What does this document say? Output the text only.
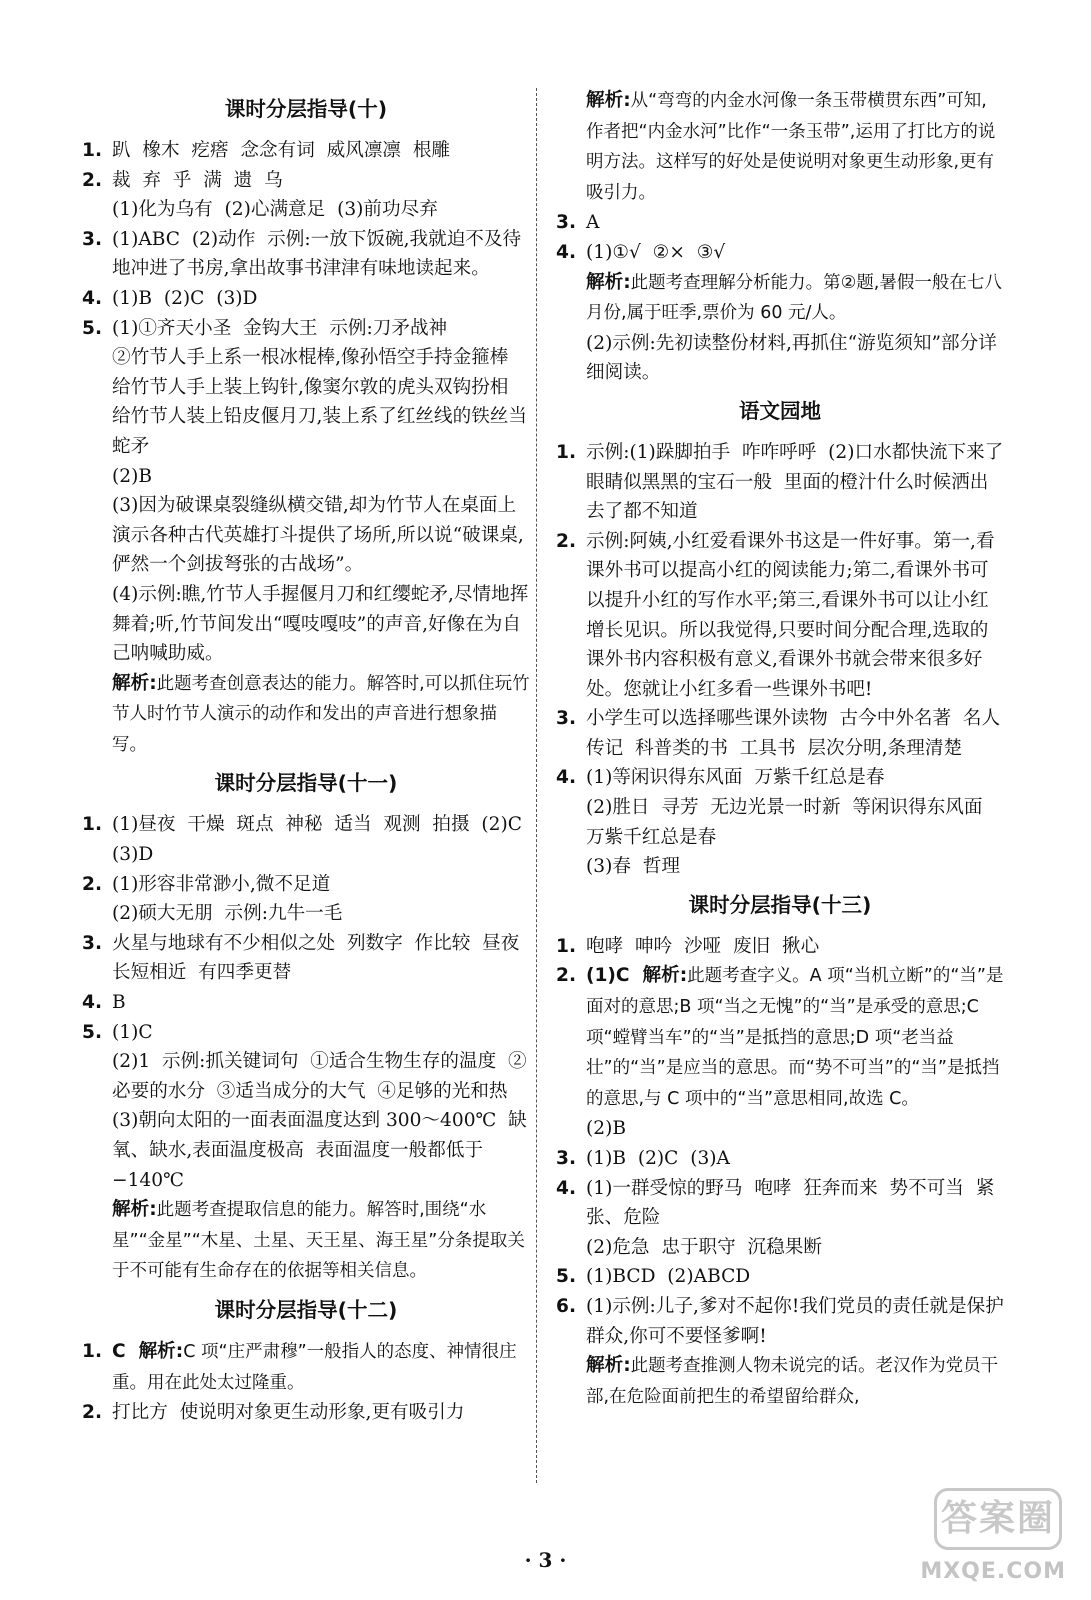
课时分层指导(十)
1. 趴  橡木  疙瘩  念念有词  威风凛凛  根雕
2. 裁  弃  乎  满  遗  乌
(1)化为乌有  (2)心满意足  (3)前功尽弃
3. (1)ABC  (2)动作  示例:一放下饭碗,我就迫不及待地冲进了书房,拿出故事书津津有味地读起来。
4. (1)B  (2)C  (3)D
5. (1)①齐天小圣  金钩大王  示例:刀矛战神
②竹节人手上系一根冰棍棒,像孙悟空手持金箍棒  给竹节人手上装上钩针,像窦尔敦的虎头双钩扮相  给竹节人装上铅皮偃月刀,装上系了红丝线的铁丝当蛇矛
(2)B
(3)因为破课桌裂缝纵横交错,却为竹节人在桌面上演示各种古代英雄打斗提供了场所,所以说“破课桌,俨然一个剑拔弩张的古战场”。
(4)示例:瞧,竹节人手握偃月刀和红缨蛇矛,尽情地挥舞着;听,竹节间发出“嘎吱嘎吱”的声音,好像在为自己呐喊助威。
解析:此题考查创意表达的能力。解答时,可以抓住玩竹节人时竹节人演示的动作和发出的声音进行想象描写。
课时分层指导(十一)
1. (1)昼夜  干燥  斑点  神秘  适当  观测  拍摄  (2)C  (3)D
2. (1)形容非常渺小,微不足道
(2)硕大无朋  示例:九牛一毛
3. 火星与地球有不少相似之处  列数字  作比较  昼夜长短相近  有四季更替
4. B
5. (1)C
(2)1  示例:抓关键词句  ①适合生物生存的温度  ②必要的水分  ③适当成分的大气  ④足够的光和热
(3)朝向太阳的一面表面温度达到 300～400℃  缺氧、缺水,表面温度极高  表面温度一般都低于−140℃
解析:此题考查提取信息的能力。解答时,围绕“水星”“金星”“木星、土星、天王星、海王星”分条提取关于不可能有生命存在的依据等相关信息。
课时分层指导(十二)
1. C  解析:C 项“庄严肃穆”一般指人的态度、神情很庄重。用在此处太过隆重。
2. 打比方  使说明对象更生动形象,更有吸引力
解析:从“弯弯的内金水河像一条玉带横贯东西”可知,作者把“内金水河”比作“一条玉带”,运用了打比方的说明方法。这样写的好处是使说明对象更生动形象,更有吸引力。
3. A
4. (1)①√  ②×  ③√
解析:此题考查理解分析能力。第②题,暑假一般在七八月份,属于旺季,票价为 60 元/人。
(2)示例:先初读整份材料,再抓住“游览须知”部分详细阅读。
语文园地
1. 示例:(1)跺脚拍手  咋咋呼呼  (2)口水都快流下来了  眼睛似黑黑的宝石一般  里面的橙汁什么时候洒出去了都不知道
2. 示例:阿姨,小红爱看课外书这是一件好事。第一,看课外书可以提高小红的阅读能力;第二,看课外书可以提升小红的写作水平;第三,看课外书可以让小红增长见识。所以我觉得,只要时间分配合理,选取的课外书内容积极有意义,看课外书就会带来很多好处。您就让小红多看一些课外书吧!
3. 小学生可以选择哪些课外读物  古今中外名著  名人传记  科普类的书  工具书  层次分明,条理清楚
4. (1)等闲识得东风面  万紫千红总是春
(2)胜日  寻芳  无边光景一时新  等闲识得东风面  万紫千红总是春
(3)春  哲理
课时分层指导(十三)
1. 咆哮  呻吟  沙哑  废旧  揪心
2. (1)C  解析:此题考查字义。A 项“当机立断”的“当”是面对的意思;B 项“当之无愧”的“当”是承受的意思;C 项“螳臂当车”的“当”是抵挡的意思;D 项“老当益壮”的“当”是应当的意思。而“势不可当”的“当”是抵挡的意思,与 C 项中的“当”意思相同,故选 C。
(2)B
3. (1)B  (2)C  (3)A
4. (1)一群受惊的野马  咆哮  狂奔而来  势不可当  紧张、危险
(2)危急  忠于职守  沉稳果断
5. (1)BCD  (2)ABCD
6. (1)示例:儿子,爹对不起你!我们党员的责任就是保护群众,你可不要怪爹啊!
解析:此题考查推测人物未说完的话。老汉作为党员干部,在危险面前把生的希望留给群众,
· 3 ·
答案圈
MXQE.COM
